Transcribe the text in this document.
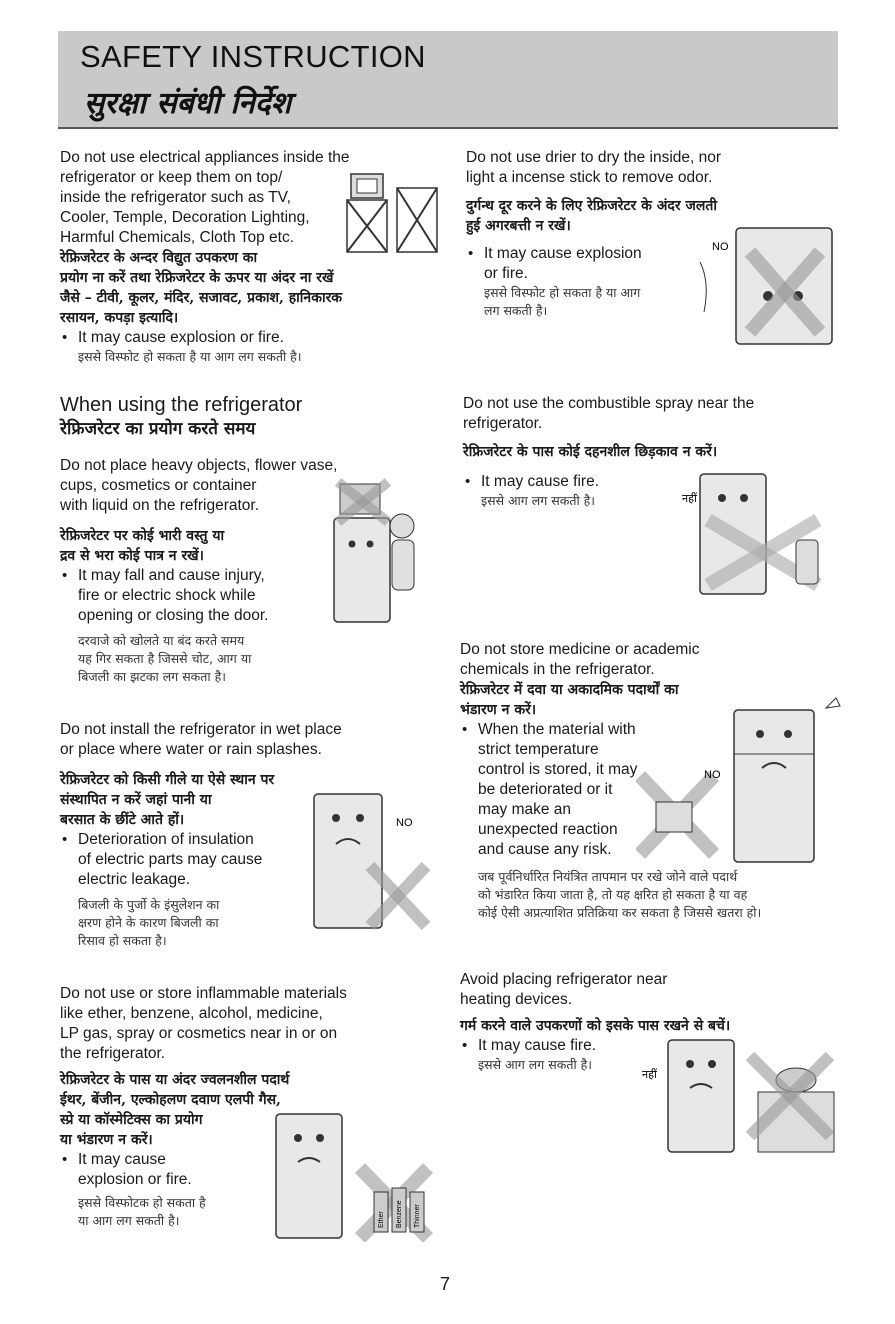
SAFETY INSTRUCTION
सुरक्षा संबंधी निर्देश

Do not use electrical appliances inside the

refrigerator or keep them on top/

inside the refrigerator such as TV,

Cooler, Temple, Decoration Lighting,

Harmful Chemicals, Cloth Top etc.

रेफ्रिजरेटर के अन्दर विद्युत उपकरण का

प्रयोग ना करें तथा रेफ्रिजरेटर के ऊपर या अंदर ना रखें

जैसे – टीवी, कूलर, मंदिर, सजावट, प्रकाश, हानिकारक

रसायन, कपड़ा इत्यादि।

• It may cause explosion or fire.

इससे विस्फोट हो सकता है या आग लग सकती है।

Do not use drier to dry the inside, nor

light a incense stick to remove odor.

दुर्गन्ध दूर करने के लिए रेफ्रिजरेटर के अंदर जलती

हुई अगरबत्ती न रखें।

• It may cause explosion

or fire.

इससे विस्फोट हो सकता है या आग

लग सकती है।

NO

When using the refrigerator

रेफ्रिजरेटर का प्रयोग करते समय

Do not use the combustible spray near the

refrigerator.

रेफ्रिजरेटर के पास कोई दहनशील छिड़काव न करें।

• It may cause fire.

इससे आग लग सकती है।	नहीं

Do not place heavy objects, flower vase,

cups, cosmetics or container

with liquid on the refrigerator.

रेफ्रिजरेटर पर कोई भारी वस्तु या

द्रव से भरा कोई पात्र न रखें।

• It may fall and cause injury,

fire or electric shock while

opening or closing the door.

दरवाजे को खोलते या बंद करते समय

यह गिर सकता है जिससे चोट, आग या

बिजली का झटका लग सकता है।

Do not store medicine or academic

chemicals in the refrigerator.

रेफ्रिजरेटर में दवा या अकादमिक पदार्थों का

भंडारण न करें।

• When the material with

strict temperature

control is stored, it may

be deteriorated or it

may make an

unexpected reaction

and cause any risk.

जब पूर्वनिर्धारित नियंत्रित तापमान पर रखे जोने वाले पदार्थ

को भंडारित किया जाता है, तो यह क्षरित हो सकता है या वह

कोई ऐसी अप्रत्याशित प्रतिक्रिया कर सकता है जिससे खतरा हो।

NO

Do not install the refrigerator in wet place

or place where water or rain splashes.

रेफ्रिजरेटर को किसी गीले या ऐसे स्थान पर

संस्थापित न करें जहां पानी या

बरसात के छींटे आते हों।

• Deterioration of insulation

of electric parts may cause

electric leakage.

बिजली के पुर्जो के इंसुलेशन का

क्षरण होने के कारण बिजली का

रिसाव हो सकता है।

NO

Avoid placing refrigerator near

heating devices.

गर्म करने वाले उपकरणों को इसके पास रखने से बचें।

• It may cause fire.

इससे आग लग सकती है।

नहीं

Do not use or store inflammable materials

like ether, benzene, alcohol, medicine,

LP gas, spray or cosmetics near in or on

the refrigerator.

रेफ्रिजरेटर के पास या अंदर ज्वलनशील पदार्थ

ईथर, बेंजीन, एल्कोहलण दवाण एलपी गैस,

स्प्रे या कॉस्मेटिक्स का प्रयोग

या भंडारण न करें।

• It may cause

explosion or fire.

इससे विस्फोटक हो सकता है

या आग लग सकती है।	Ether Benzene Thinner
7
